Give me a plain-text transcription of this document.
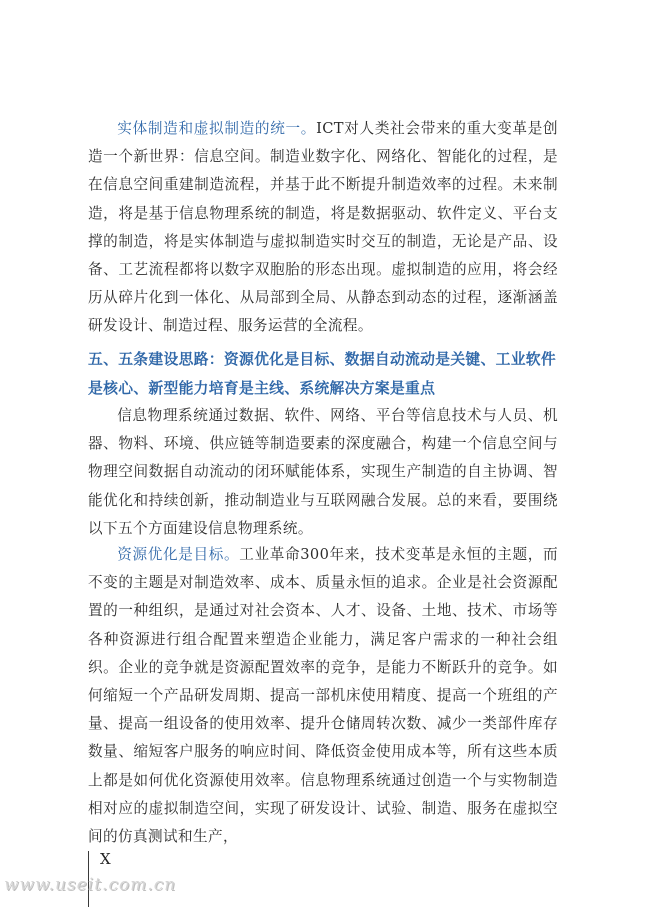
实体制造和虚拟制造的统一。ICT对人类社会带来的重大变革是创造一个新世界：信息空间。制造业数字化、网络化、智能化的过程，是在信息空间重建制造流程，并基于此不断提升制造效率的过程。未来制造，将是基于信息物理系统的制造，将是数据驱动、软件定义、平台支撑的制造，将是实体制造与虚拟制造实时交互的制造，无论是产品、设备、工艺流程都将以数字双胞胎的形态出现。虚拟制造的应用，将会经历从碎片化到一体化、从局部到全局、从静态到动态的过程，逐渐涵盖研发设计、制造过程、服务运营的全流程。

五、五条建设思路：资源优化是目标、数据自动流动是关键、工业软件是核心、新型能力培育是主线、系统解决方案是重点

信息物理系统通过数据、软件、网络、平台等信息技术与人员、机器、物料、环境、供应链等制造要素的深度融合，构建一个信息空间与物理空间数据自动流动的闭环赋能体系，实现生产制造的自主协调、智能优化和持续创新，推动制造业与互联网融合发展。总的来看，要围绕以下五个方面建设信息物理系统。

资源优化是目标。工业革命300年来，技术变革是永恒的主题，而不变的主题是对制造效率、成本、质量永恒的追求。企业是社会资源配置的一种组织，是通过对社会资本、人才、设备、土地、技术、市场等各种资源进行组合配置来塑造企业能力，满足客户需求的一种社会组织。企业的竞争就是资源配置效率的竞争，是能力不断跃升的竞争。如何缩短一个产品研发周期、提高一部机床使用精度、提高一个班组的产量、提高一组设备的使用效率、提升仓储周转次数、减少一类部件库存数量、缩短客户服务的响应时间、降低资金使用成本等，所有这些本质上都是如何优化资源使用效率。信息物理系统通过创造一个与实物制造相对应的虚拟制造空间，实现了研发设计、试验、制造、服务在虚拟空间的仿真测试和生产，

X
www.useit.com.cn
